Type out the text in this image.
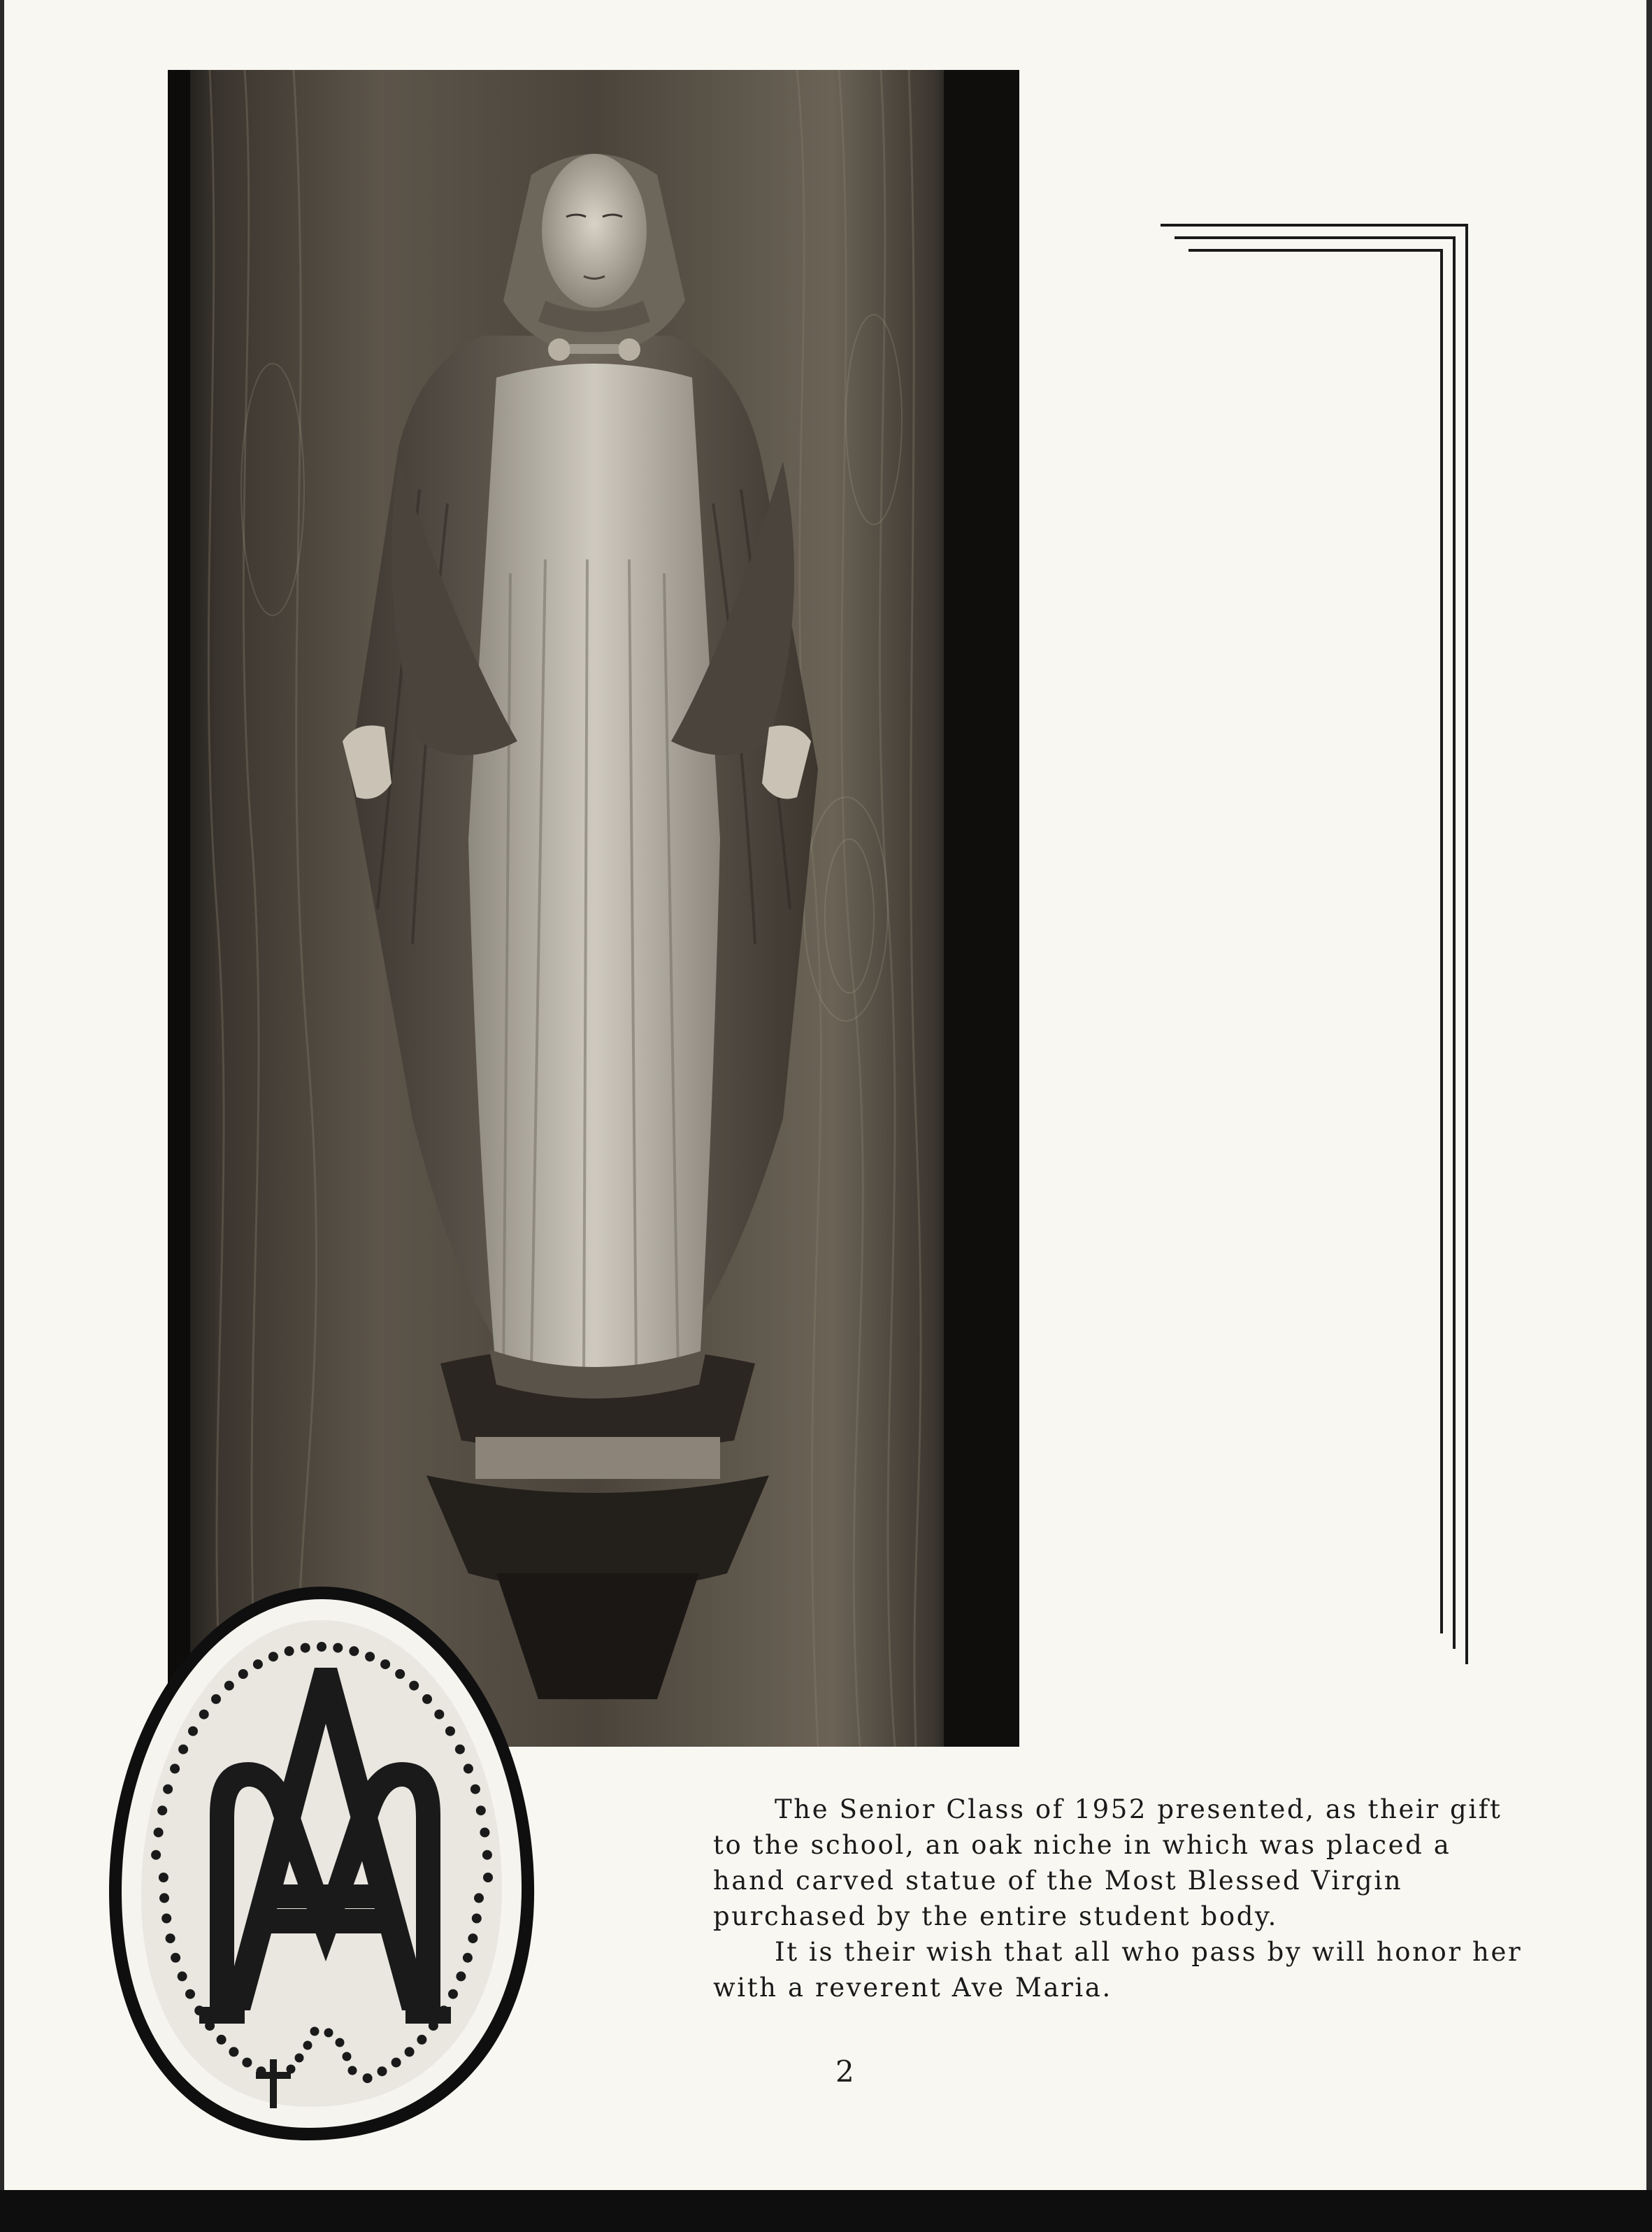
The Senior Class of 1952 presented, as their gift to the school, an oak niche in which was placed a hand carved statue of the Most Blessed Virgin purchased by the entire student body.

It is their wish that all who pass by will honor her with a reverent Ave Maria.

2
